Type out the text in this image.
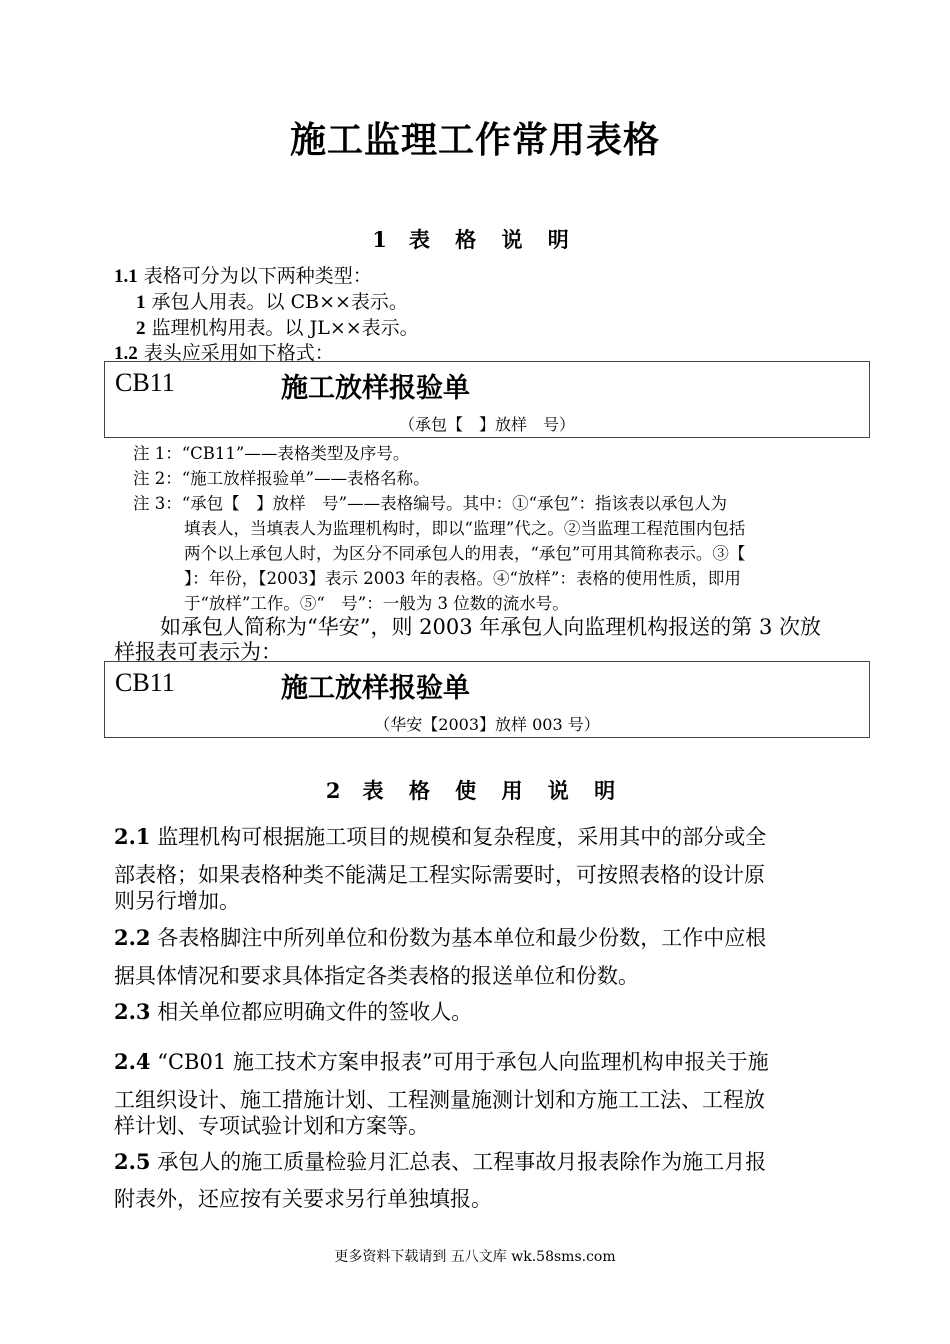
施工监理工作常用表格
1 表 格 说 明
1.1 表格可分为以下两种类型：
1 承包人用表。以 CB××表示。
2 监理机构用表。以 JL××表示。
1.2 表头应采用如下格式：
CB11	施工放样报验单
（承包【　】放样　号）
注 1：“CB11”——表格类型及序号。
注 2：“施工放样报验单”——表格名称。
注 3：“承包【　】放样　号”——表格编号。其中：①“承包”：指该表以承包人为
填表人，当填表人为监理机构时，即以“监理”代之。②当监理工程范围内包括
两个以上承包人时，为区分不同承包人的用表，“承包”可用其简称表示。③【
】：年份，【2003】表示 2003 年的表格。④“放样”：表格的使用性质，即用
于“放样”工作。⑤“　号”：一般为 3 位数的流水号。
如承包人简称为“华安”，则 2003 年承包人向监理机构报送的第 3 次放
样报表可表示为：
CB11	施工放样报验单
（华安【2003】放样 003 号）
2 表 格 使 用 说 明
2.1 监理机构可根据施工项目的规模和复杂程度，采用其中的部分或全
部表格；如果表格种类不能满足工程实际需要时，可按照表格的设计原
则另行增加。
2.2 各表格脚注中所列单位和份数为基本单位和最少份数，工作中应根
据具体情况和要求具体指定各类表格的报送单位和份数。
2.3 相关单位都应明确文件的签收人。
2.4 “CB01 施工技术方案申报表”可用于承包人向监理机构申报关于施
工组织设计、施工措施计划、工程测量施测计划和方施工工法、工程放
样计划、专项试验计划和方案等。
2.5 承包人的施工质量检验月汇总表、工程事故月报表除作为施工月报
附表外，还应按有关要求另行单独填报。
更多资料下载请到 五八文库 wk.58sms.com
